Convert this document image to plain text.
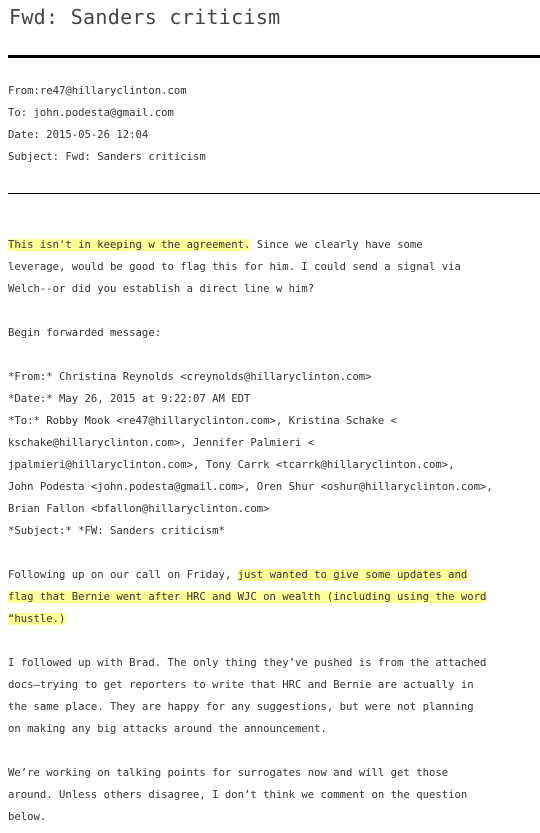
Fwd: Sanders criticism
From:re47@hillaryclinton.com
To: john.podesta@gmail.com
Date: 2015-05-26 12:04
Subject: Fwd: Sanders criticism
This isn't in keeping w the agreement. Since we clearly have some
leverage, would be good to flag this for him. I could send a signal via
Welch--or did you establish a direct line w him?
Begin forwarded message:
*From:* Christina Reynolds <creynolds@hillaryclinton.com>
*Date:* May 26, 2015 at 9:22:07 AM EDT
*To:* Robby Mook <re47@hillaryclinton.com>, Kristina Schake <
kschake@hillaryclinton.com>, Jennifer Palmieri <
jpalmieri@hillaryclinton.com>, Tony Carrk <tcarrk@hillaryclinton.com>,
John Podesta <john.podesta@gmail.com>, Oren Shur <oshur@hillaryclinton.com>,
Brian Fallon <bfallon@hillaryclinton.com>
*Subject:* *FW: Sanders criticism*
Following up on our call on Friday, just wanted to give some updates and
flag that Bernie went after HRC and WJC on wealth (including using the word
“hustle.)
I followed up with Brad. The only thing they’ve pushed is from the attached
docs—trying to get reporters to write that HRC and Bernie are actually in
the same place. They are happy for any suggestions, but were not planning
on making any big attacks around the announcement.
We’re working on talking points for surrogates now and will get those
around. Unless others disagree, I don’t think we comment on the question
below.
